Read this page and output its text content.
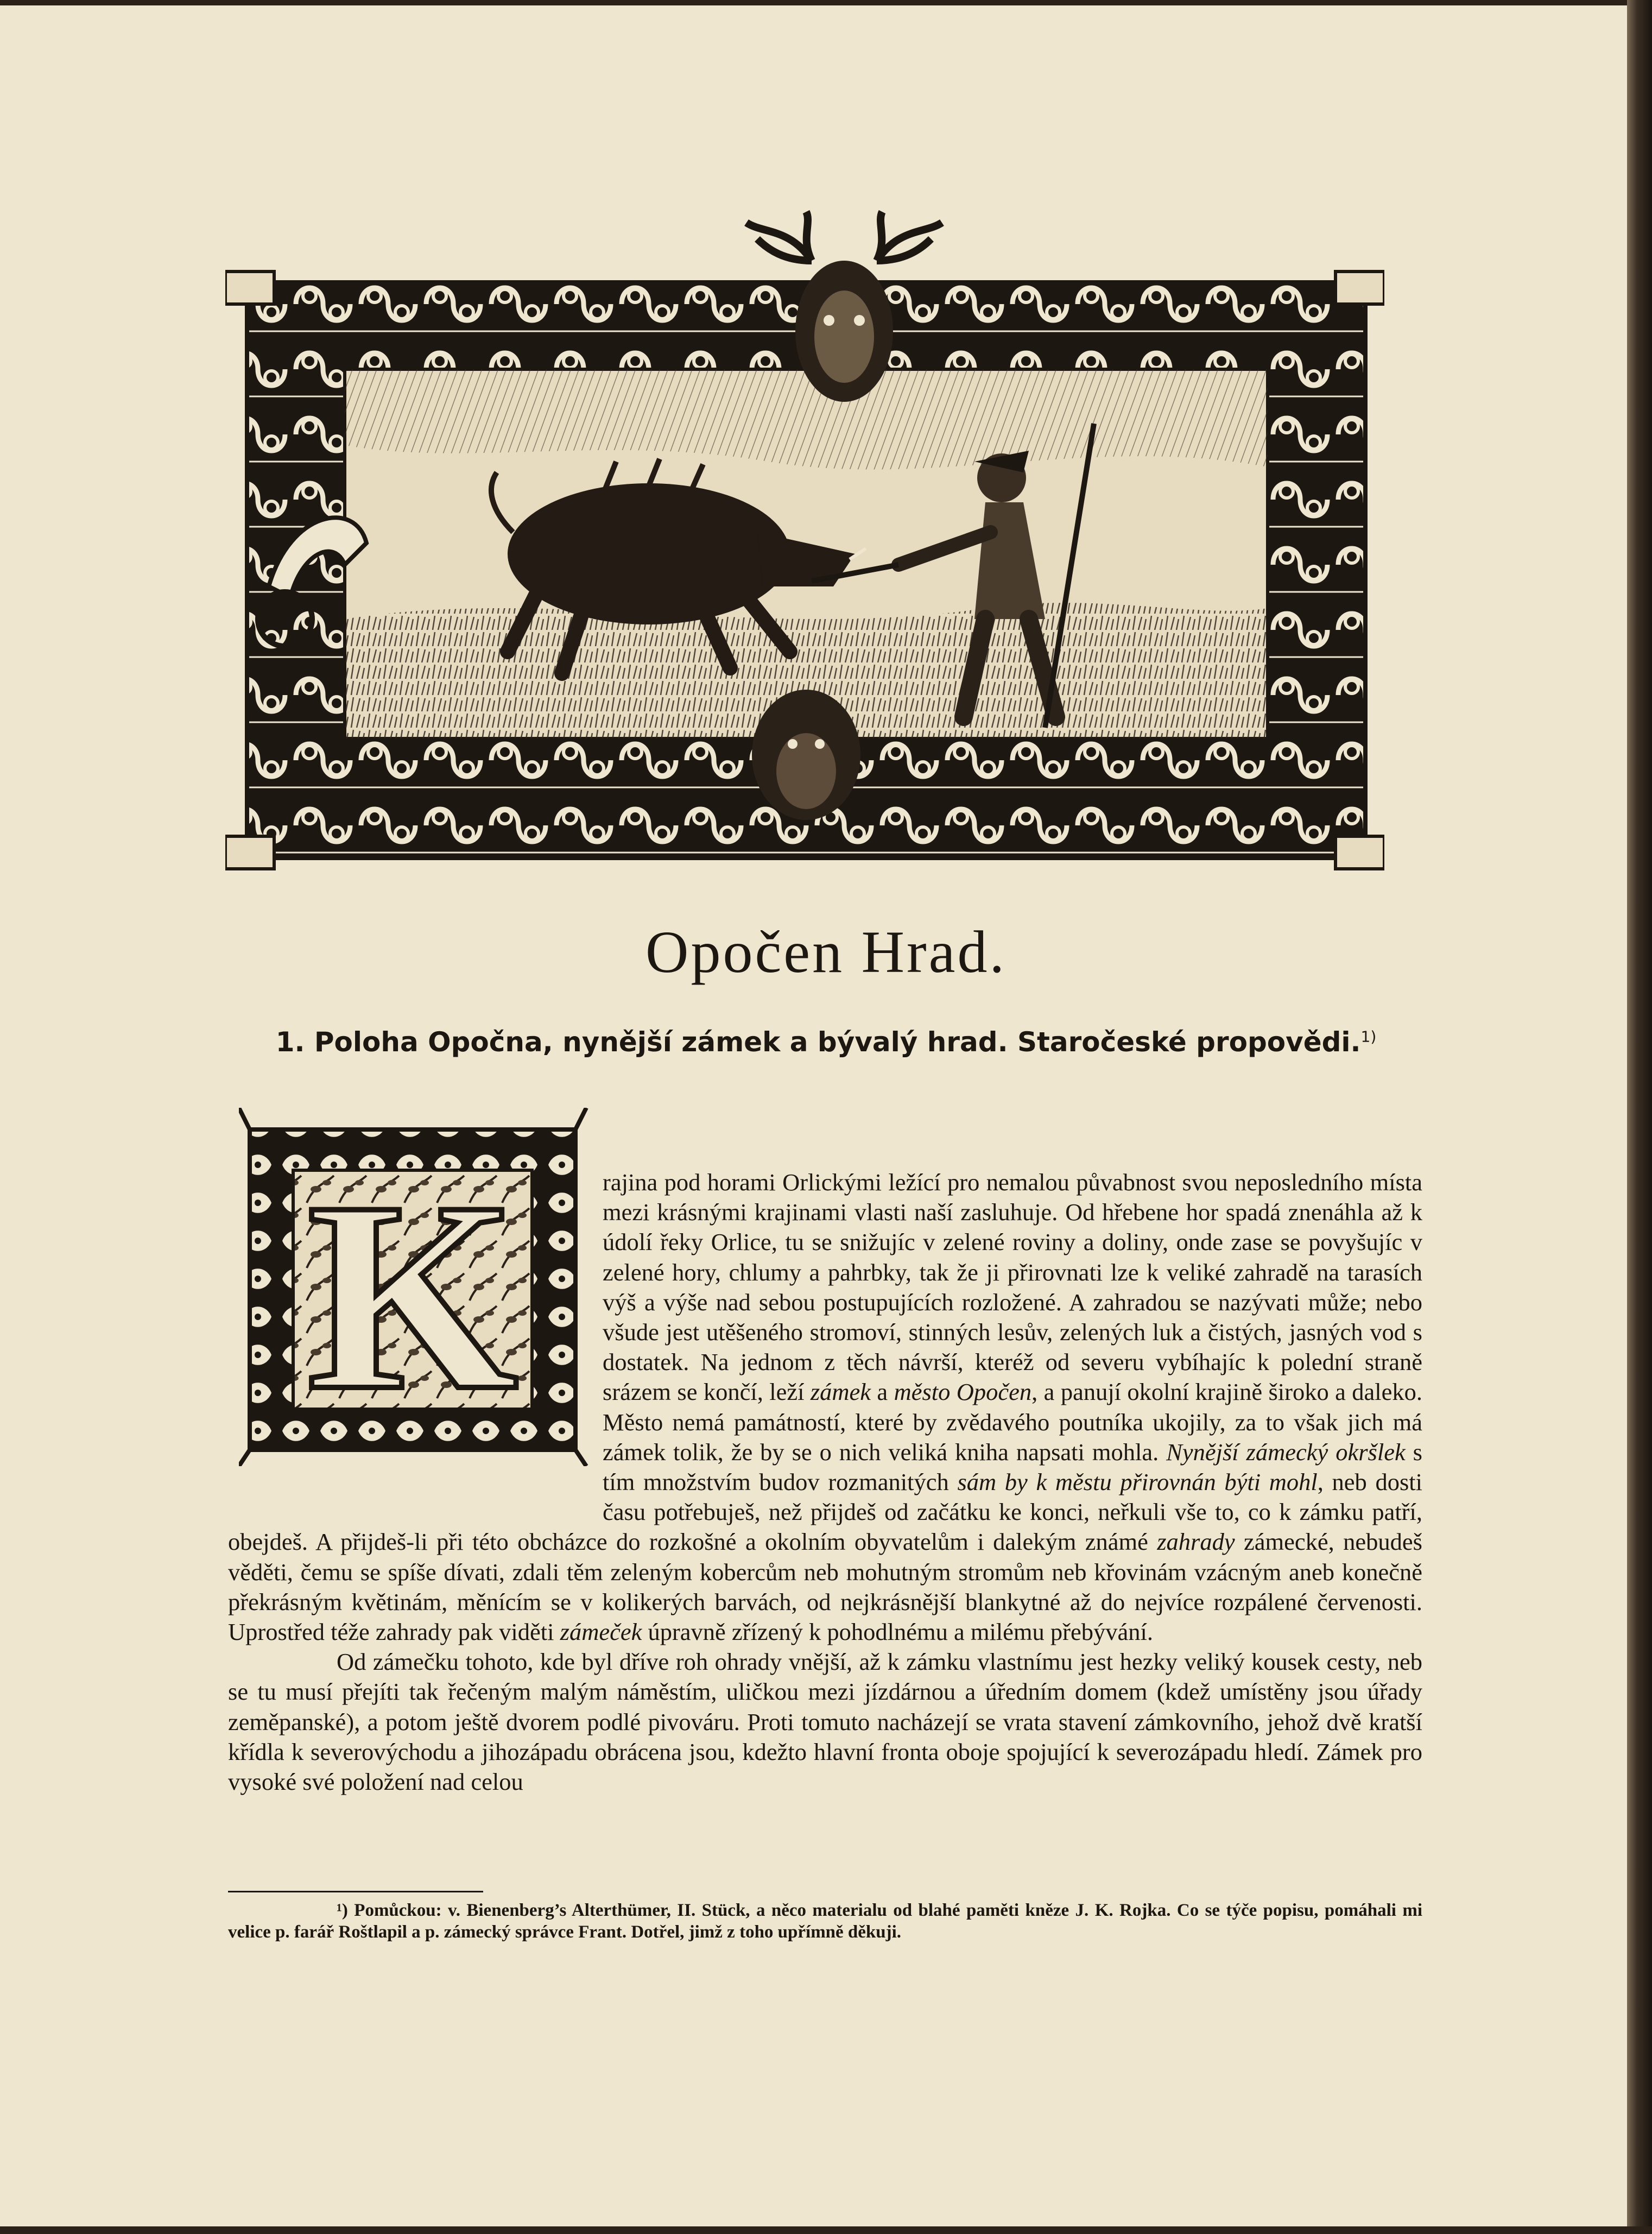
Opočen Hrad.
1. Poloha Opočna, nynější zámek a bývalý hrad. Staročeské propovědi.$^{1)}$
K	rajina pod horami Orlickými ležící pro nemalou půvabnost svou neposledního místa mezi krásnými krajinami vlasti naší zasluhuje. Od hřebene hor spadá znenáhla až k údolí řeky Orlice, tu se snižujíc v zelené roviny a doliny, onde zase se povyšujíc v zelené hory, chlumy a pahrbky, tak že ji přirovnati lze k veliké zahradě na tarasích výš a výše nad sebou postupujících rozložené. A zahradou se nazývati může; nebo všude jest utěšeného stromoví, stinných lesův, zelených luk a čistých, jasných vod s dostatek. Na jednom z těch návrší, kteréž od severu vybíhajíc k polední straně srázem se končí, leží zámek a město Opočen, a panují okolní krajině široko a daleko. Město nemá památností, které by zvědavého poutníka ukojily, za to však jich má zámek tolik, že by se o nich veliká kniha napsati mohla. Nynější zámecký okršlek s tím množstvím budov rozmanitých sám by k městu přirovnán býti mohl, neb dosti času potřebuješ, než přijdeš od začátku ke konci, neřkuli vše to, co k zámku patří, obejdeš. A přijdeš-li při této obcházce do rozkošné a okolním obyvatelům i dalekým známé zahrady zámecké, nebudeš věděti, čemu se spíše dívati, zdali těm zeleným kobercům neb mohutným stromům neb křovinám vzácným aneb konečně překrásným květinám, měnícím se v kolikerých barvách, od nejkrásnější blankytné až do nejvíce rozpálené červenosti. Uprostřed téže zahrady pak viděti zámeček úpravně zřízený k pohodlnému a milému přebývání.

Od zámečku tohoto, kde byl dříve roh ohrady vnější, až k zámku vlastnímu jest hezky veliký kousek cesty, neb se tu musí přejíti tak řečeným malým náměstím, uličkou mezi jízdárnou a úředním domem (kdež umístěny jsou úřady zeměpanské), a potom ještě dvorem podlé pivováru. Proti tomuto nacházejí se vrata stavení zámkovního, jehož dvě kratší křídla k severovýchodu a jihozápadu obrácena jsou, kdežto hlavní fronta oboje spojující k severozápadu hledí. Zámek pro vysoké své položení nad celou

¹) Pomůckou: v. Bienenberg’s Alterthümer, II. Stück, a něco materialu od blahé paměti kněze J. K. Rojka. Co se týče popisu, pomáhali mi velice p. farář Roštlapil a p. zámecký správce Frant. Dotřel, jimž z toho upřímně děkuji.
